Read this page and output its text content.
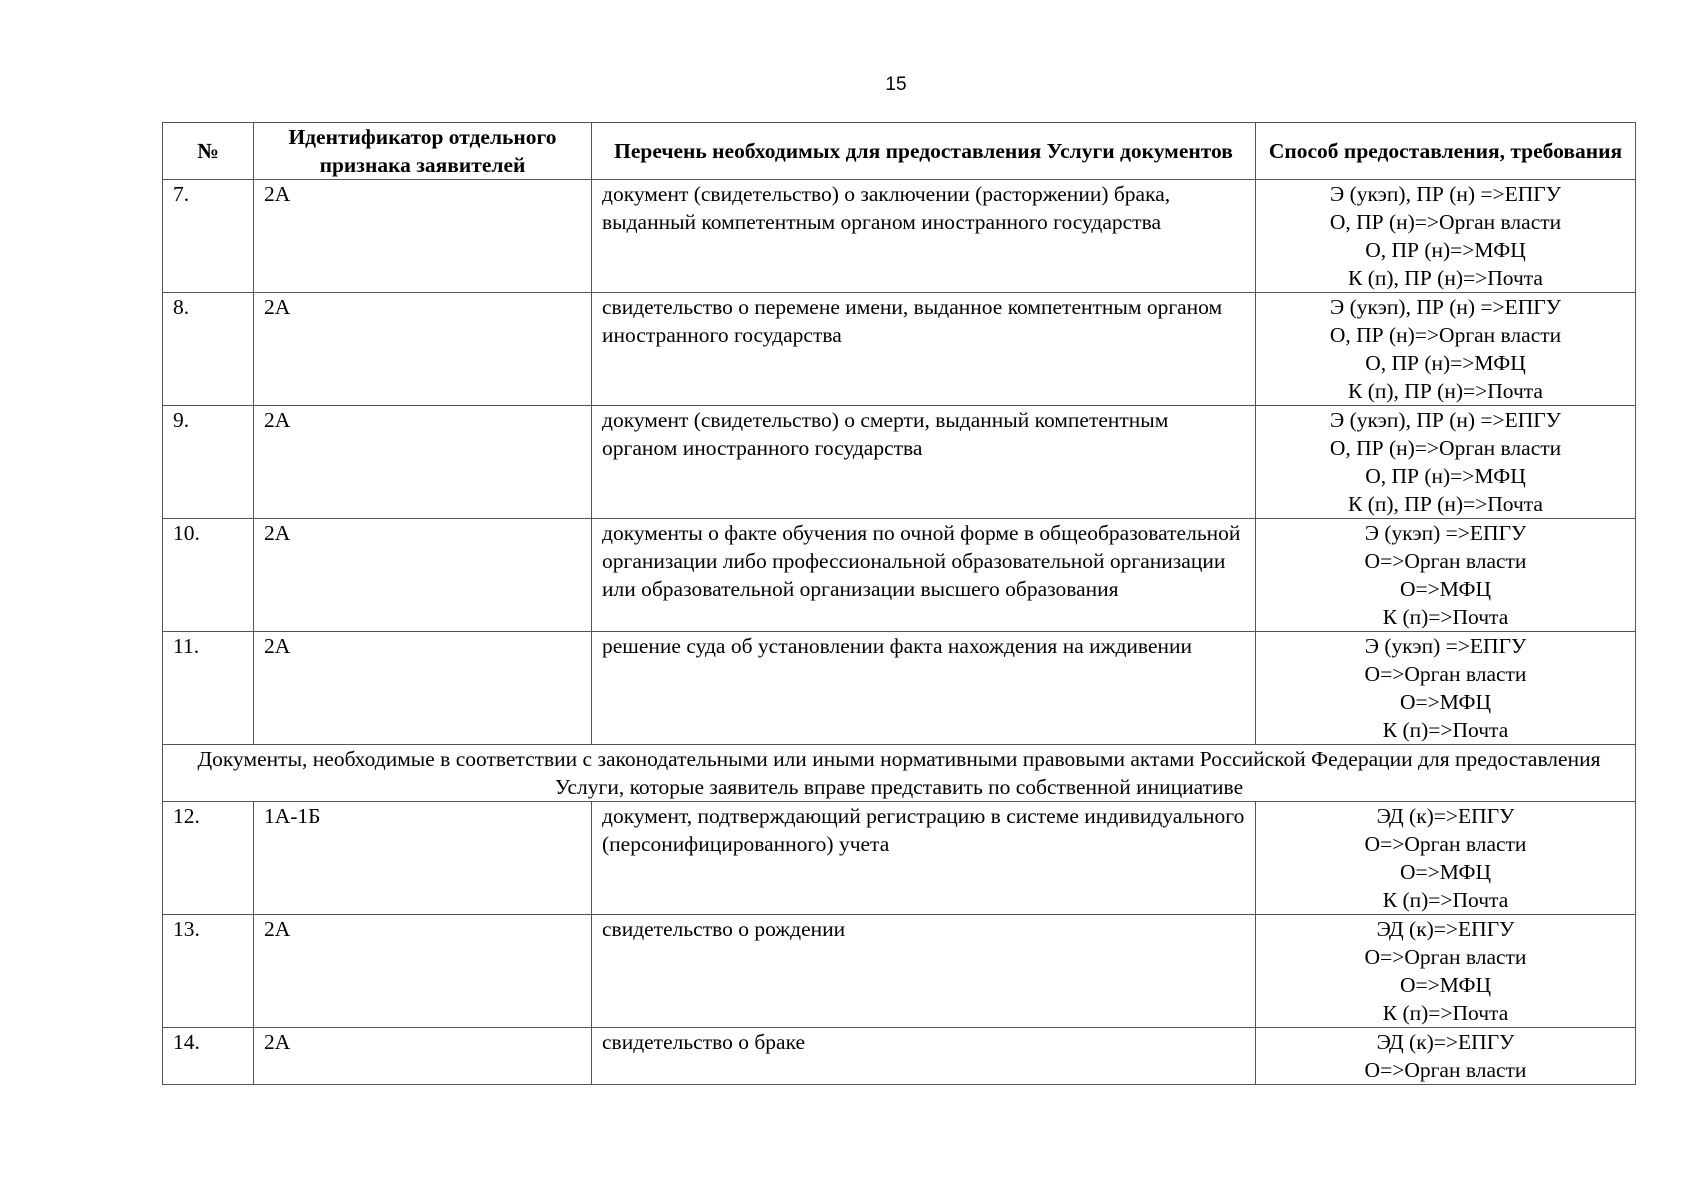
15
№	Идентификатор отдельного признака заявителей	Перечень необходимых для предоставления Услуги документов	Способ предоставления, требования
7.	2А	документ (свидетельство) о заключении (расторжении) брака, выданный компетентным органом иностранного государства	Э (укэп), ПР (н) =>ЕПГУ
О, ПР (н)=>Орган власти
О, ПР (н)=>МФЦ
К (п), ПР (н)=>Почта

8.	2А	свидетельство о перемене имени, выданное компетентным органом иностранного государства	Э (укэп), ПР (н) =>ЕПГУ
О, ПР (н)=>Орган власти
О, ПР (н)=>МФЦ
К (п), ПР (н)=>Почта

9.	2А	документ (свидетельство) о смерти, выданный компетентным органом иностранного государства	Э (укэп), ПР (н) =>ЕПГУ
О, ПР (н)=>Орган власти
О, ПР (н)=>МФЦ
К (п), ПР (н)=>Почта

10.	2А	документы о факте обучения по очной форме в общеобразовательной организации либо профессиональной образовательной организации или образовательной организации высшего образования	Э (укэп) =>ЕПГУ
О=>Орган власти
О=>МФЦ
К (п)=>Почта

11.	2А	решение суда об установлении факта нахождения на иждивении	Э (укэп) =>ЕПГУ
О=>Орган власти
О=>МФЦ
К (п)=>Почта

Документы, необходимые в соответствии с законодательными или иными нормативными правовыми актами Российской Федерации для предоставления Услуги, которые заявитель вправе представить по собственной инициативе			
12.	1А-1Б	документ, подтверждающий регистрацию в системе индивидуального (персонифицированного) учета	ЭД (к)=>ЕПГУ
О=>Орган власти
О=>МФЦ
К (п)=>Почта

13.	2А	свидетельство о рождении	ЭД (к)=>ЕПГУ
О=>Орган власти
О=>МФЦ
К (п)=>Почта

14.	2А	свидетельство о браке	ЭД (к)=>ЕПГУ
О=>Орган власти
